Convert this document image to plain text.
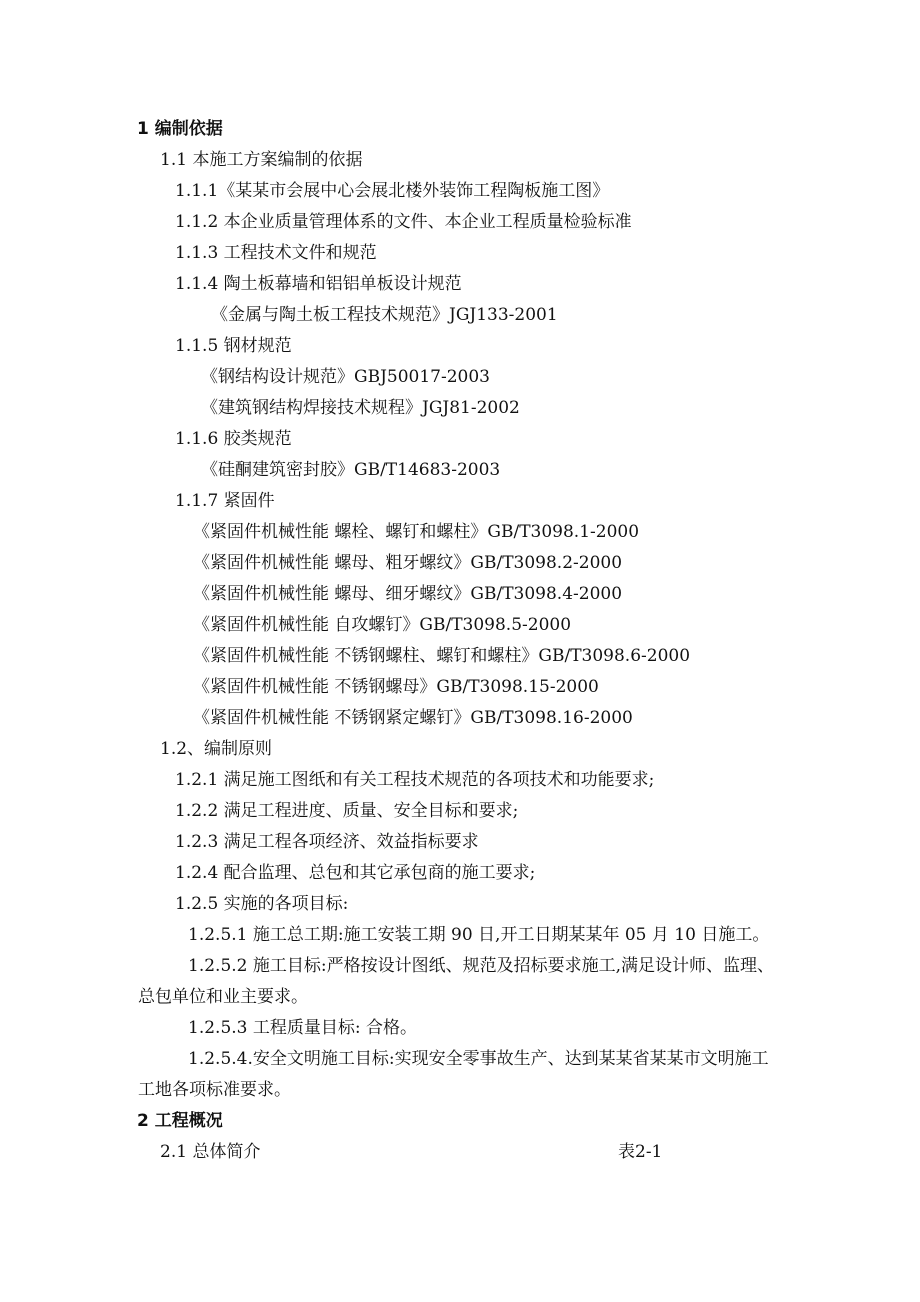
1 编制依据
1.1 本施工方案编制的依据
1.1.1《某某市会展中心会展北楼外装饰工程陶板施工图》
1.1.2 本企业质量管理体系的文件、本企业工程质量检验标准
1.1.3 工程技术文件和规范
1.1.4 陶土板幕墙和铝铝单板设计规范
《金属与陶土板工程技术规范》JGJ133-2001
1.1.5 钢材规范
《钢结构设计规范》GBJ50017-2003
《建筑钢结构焊接技术规程》JGJ81-2002
1.1.6 胶类规范
《硅酮建筑密封胶》GB/T14683-2003
1.1.7 紧固件
《紧固件机械性能 螺栓、螺钉和螺柱》GB/T3098.1-2000
《紧固件机械性能 螺母、粗牙螺纹》GB/T3098.2-2000
《紧固件机械性能 螺母、细牙螺纹》GB/T3098.4-2000
《紧固件机械性能 自攻螺钉》GB/T3098.5-2000
《紧固件机械性能 不锈钢螺柱、螺钉和螺柱》GB/T3098.6-2000
《紧固件机械性能 不锈钢螺母》GB/T3098.15-2000
《紧固件机械性能 不锈钢紧定螺钉》GB/T3098.16-2000
1.2、编制原则
1.2.1 满足施工图纸和有关工程技术规范的各项技术和功能要求;
1.2.2 满足工程进度、质量、安全目标和要求;
1.2.3 满足工程各项经济、效益指标要求
1.2.4 配合监理、总包和其它承包商的施工要求;
1.2.5 实施的各项目标:
1.2.5.1 施工总工期:施工安装工期 90 日,开工日期某某年 05 月 10 日施工。
1.2.5.2 施工目标:严格按设计图纸、规范及招标要求施工,满足设计师、监理、
总包单位和业主要求。
1.2.5.3 工程质量目标: 合格。
1.2.5.4.安全文明施工目标:实现安全零事故生产、达到某某省某某市文明施工
工地各项标准要求。
2 工程概况
2.1 总体简介	表2-1
